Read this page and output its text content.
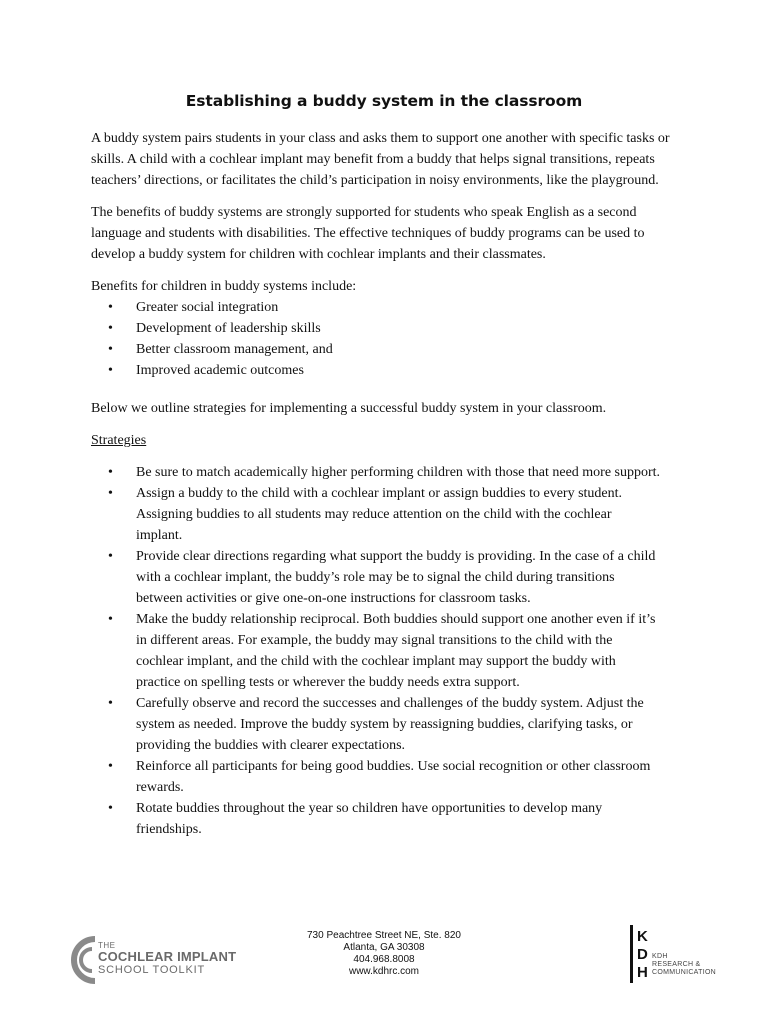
Establishing a buddy system in the classroom

A buddy system pairs students in your class and asks them to support one another with specific tasks or skills. A child with a cochlear implant may benefit from a buddy that helps signal transitions, repeats teachers’ directions, or facilitates the child’s participation in noisy environments, like the playground.

The benefits of buddy systems are strongly supported for students who speak English as a second language and students with disabilities. The effective techniques of buddy programs can be used to develop a buddy system for children with cochlear implants and their classmates.

Benefits for children in buddy systems include:

• Greater social integration
• Development of leadership skills
• Better classroom management, and
• Improved academic outcomes

Below we outline strategies for implementing a successful buddy system in your classroom.

Strategies

• Be sure to match academically higher performing children with those that need more support.
• Assign a buddy to the child with a cochlear implant or assign buddies to every student. Assigning buddies to all students may reduce attention on the child with the cochlear implant.
• Provide clear directions regarding what support the buddy is providing. In the case of a child with a cochlear implant, the buddy’s role may be to signal the child during transitions between activities or give one-on-one instructions for classroom tasks.
• Make the buddy relationship reciprocal. Both buddies should support one another even if it’s in different areas. For example, the buddy may signal transitions to the child with the cochlear implant, and the child with the cochlear implant may support the buddy with practice on spelling tests or wherever the buddy needs extra support.
• Carefully observe and record the successes and challenges of the buddy system. Adjust the system as needed. Improve the buddy system by reassigning buddies, clarifying tasks, or providing the buddies with clearer expectations.
• Reinforce all participants for being good buddies. Use social recognition or other classroom rewards.
• Rotate buddies throughout the year so children have opportunities to develop many friendships.
THE
COCHLEAR IMPLANT
SCHOOL TOOLKIT
730 Peachtree Street NE, Ste. 820
Atlanta, GA 30308
404.968.8008
www.kdhrc.com
K
D
H
KDH
RESEARCH &
COMMUNICATION
